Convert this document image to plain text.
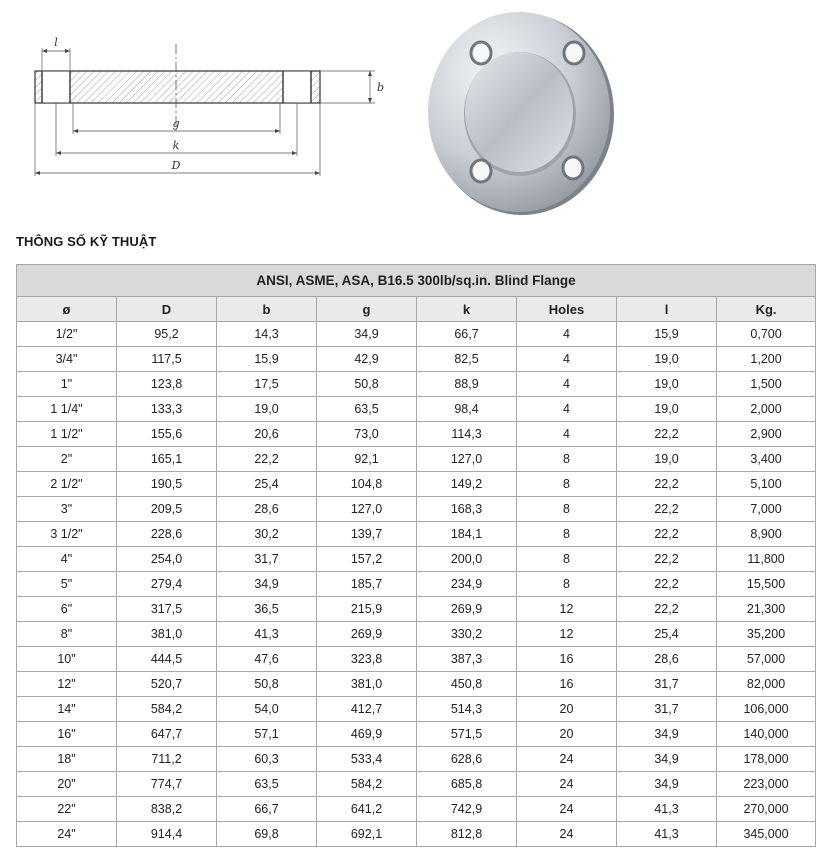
l
b
g
k
D
THÔNG SỐ KỸ THUẬT
ANSI, ASME, ASA, B16.5 300lb/sq.in. Blind Flange							
ø	D	b	g	k	Holes	l	Kg.
1/2"	95,2	14,3	34,9	66,7	4	15,9	0,700
3/4"	117,5	15,9	42,9	82,5	4	19,0	1,200
1"	123,8	17,5	50,8	88,9	4	19,0	1,500
1 1/4"	133,3	19,0	63,5	98,4	4	19,0	2,000
1 1/2"	155,6	20,6	73,0	114,3	4	22,2	2,900
2"	165,1	22,2	92,1	127,0	8	19,0	3,400
2 1/2"	190,5	25,4	104,8	149,2	8	22,2	5,100
3"	209,5	28,6	127,0	168,3	8	22,2	7,000
3 1/2"	228,6	30,2	139,7	184,1	8	22,2	8,900
4"	254,0	31,7	157,2	200,0	8	22,2	11,800
5"	279,4	34,9	185,7	234,9	8	22,2	15,500
6"	317,5	36,5	215,9	269,9	12	22,2	21,300
8"	381,0	41,3	269,9	330,2	12	25,4	35,200
10"	444,5	47,6	323,8	387,3	16	28,6	57,000
12"	520,7	50,8	381,0	450,8	16	31,7	82,000
14"	584,2	54,0	412,7	514,3	20	31,7	106,000
16"	647,7	57,1	469,9	571,5	20	34,9	140,000
18"	711,2	60,3	533,4	628,6	24	34,9	178,000
20"	774,7	63,5	584,2	685,8	24	34,9	223,000
22"	838,2	66,7	641,2	742,9	24	41,3	270,000
24"	914,4	69,8	692,1	812,8	24	41,3	345,000
